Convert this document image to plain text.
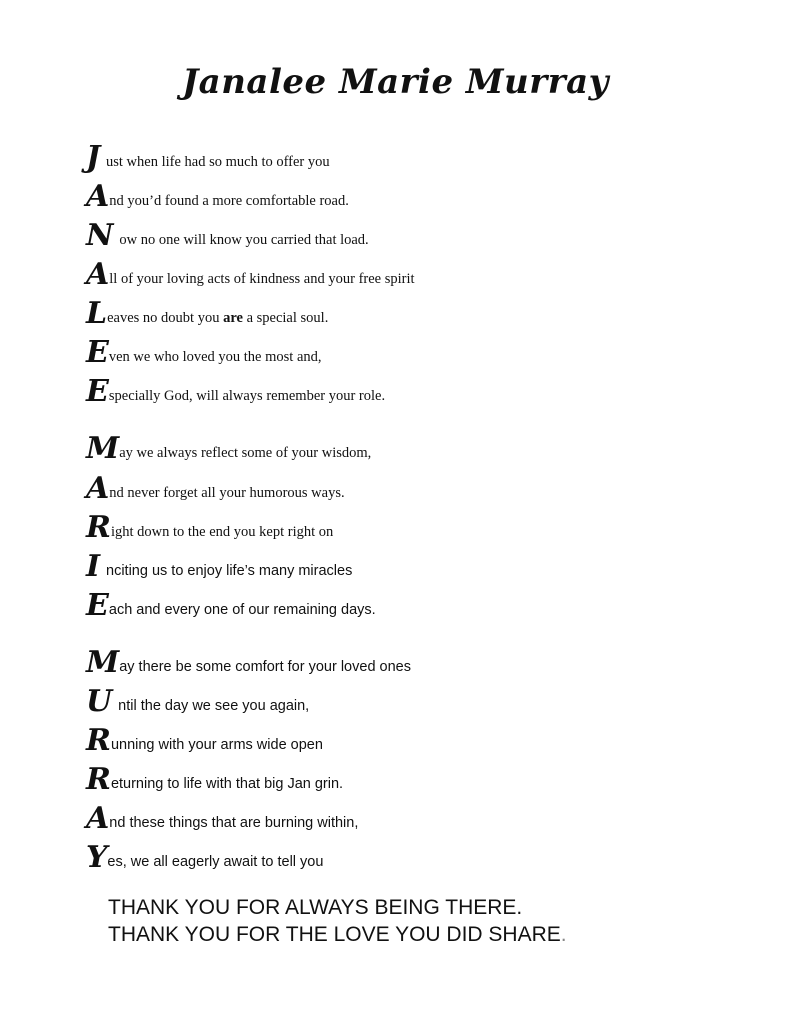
Janalee Marie Murray
J ust when life had so much to offer you
A nd you’d found a more comfortable road.
N ow no one will know you carried that load.
A ll of your loving acts of kindness and your free spirit
L eaves no doubt you are a special soul.
E ven we who loved you the most and,
E specially God, will always remember your role.
M ay we always reflect some of your wisdom,
A nd never forget all your humorous ways.
R ight down to the end you kept right on
I nciting us to enjoy life’s many miracles
E ach and every one of our remaining days.
M ay there be some comfort for your loved ones
U ntil the day we see you again,
R unning with your arms wide open
R eturning to life with that big Jan grin.
A nd these things that are burning within,
Y es, we all eagerly await to tell you
THANK YOU FOR ALWAYS BEING THERE.
THANK YOU FOR THE LOVE YOU DID SHARE.
